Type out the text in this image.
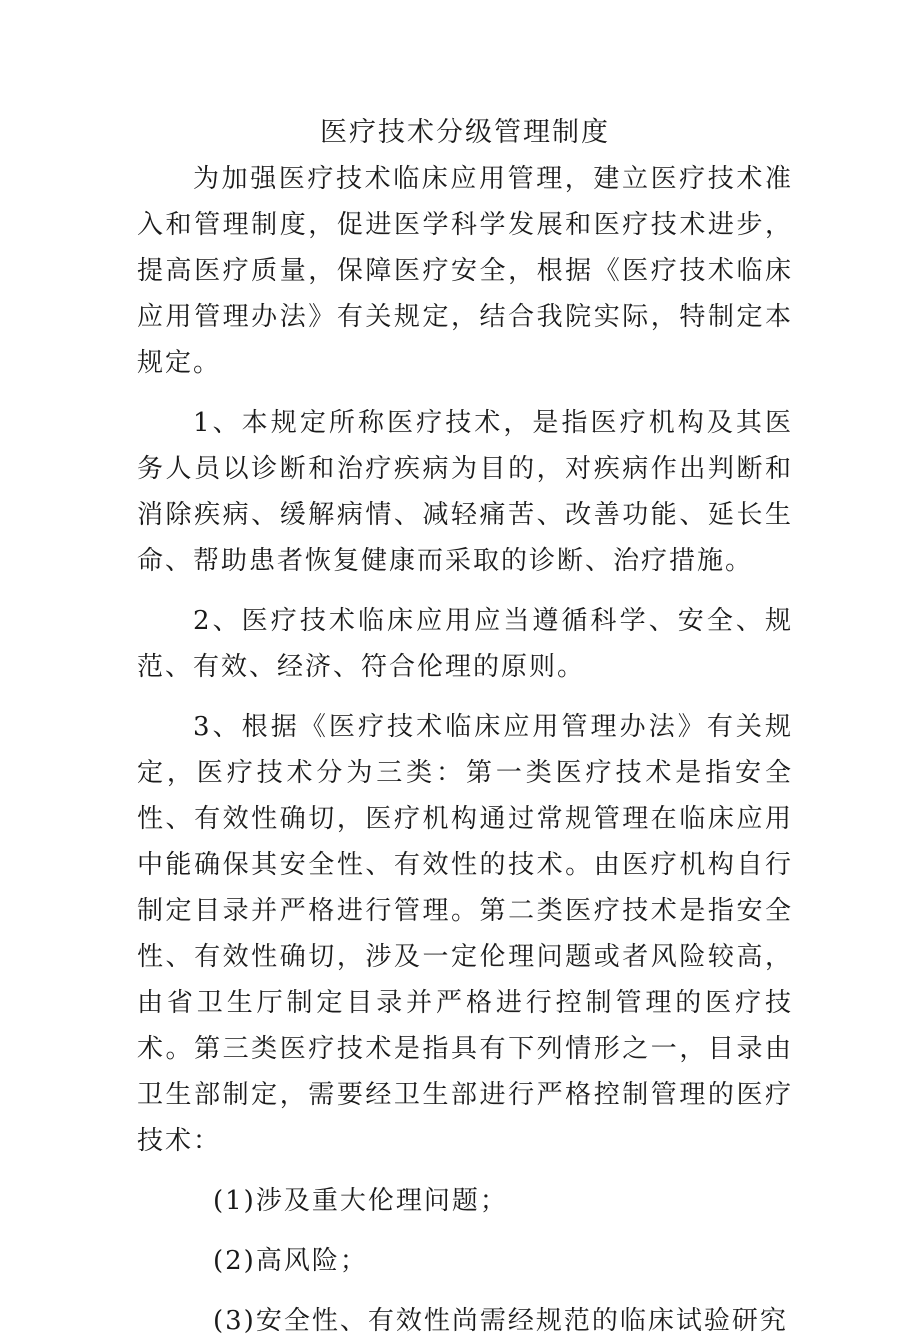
医疗技术分级管理制度

为加强医疗技术临床应用管理，建立医疗技术准入和管理制度，促进医学科学发展和医疗技术进步，提高医疗质量，保障医疗安全，根据《医疗技术临床应用管理办法》有关规定，结合我院实际，特制定本规定。

1、本规定所称医疗技术，是指医疗机构及其医务人员以诊断和治疗疾病为目的，对疾病作出判断和消除疾病、缓解病情、减轻痛苦、改善功能、延长生命、帮助患者恢复健康而采取的诊断、治疗措施。

2、医疗技术临床应用应当遵循科学、安全、规范、有效、经济、符合伦理的原则。

3、根据《医疗技术临床应用管理办法》有关规定，医疗技术分为三类：第一类医疗技术是指安全性、有效性确切，医疗机构通过常规管理在临床应用中能确保其安全性、有效性的技术。由医疗机构自行制定目录并严格进行管理。第二类医疗技术是指安全性、有效性确切，涉及一定伦理问题或者风险较高，由省卫生厅制定目录并严格进行控制管理的医疗技术。第三类医疗技术是指具有下列情形之一，目录由卫生部制定，需要经卫生部进行严格控制管理的医疗技术：

(1)涉及重大伦理问题；

(2)高风险；

(3)安全性、有效性尚需经规范的临床试验研究
